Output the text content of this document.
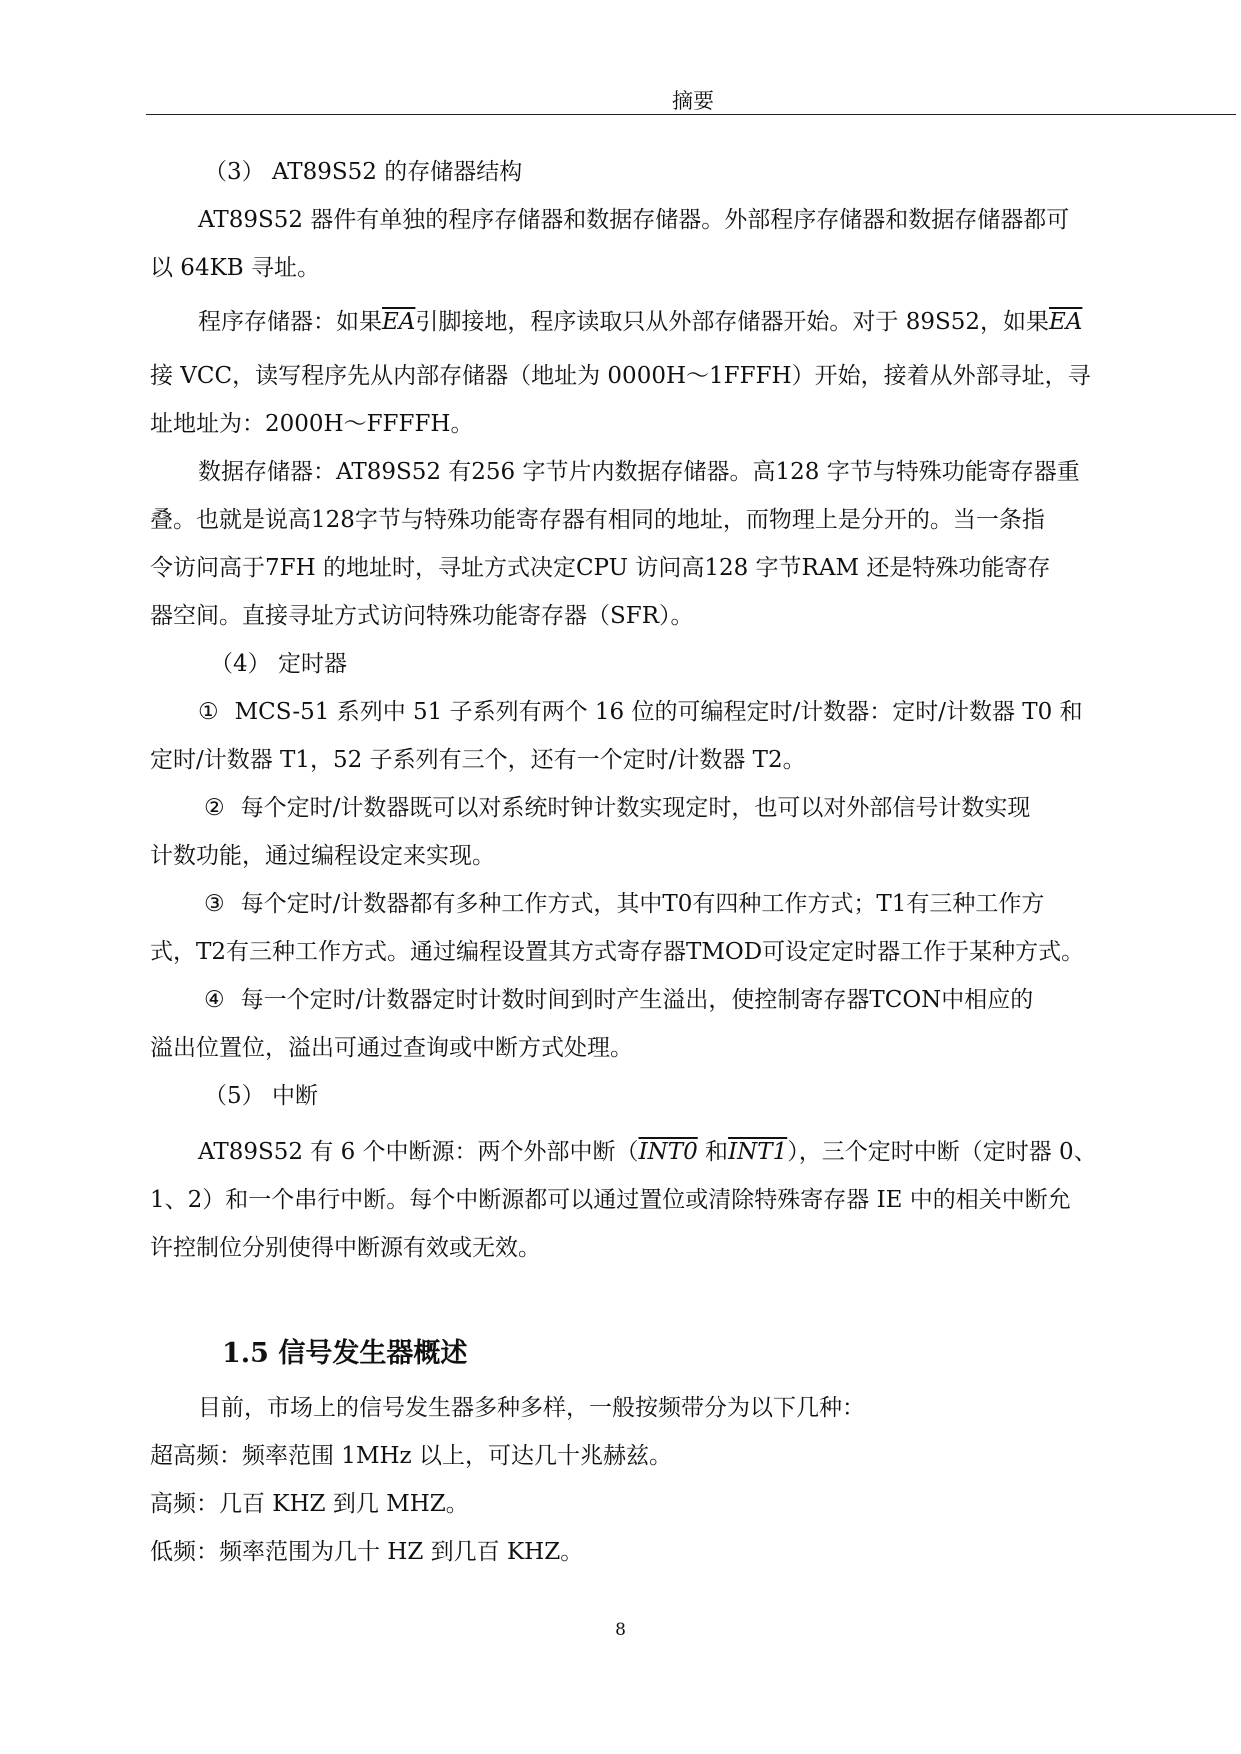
摘要
（3） AT89S52 的存储器结构
AT89S52 器件有单独的程序存储器和数据存储器。外部程序存储器和数据存储器都可
以 64KB 寻址。
程序存储器：如果$\overline{EA}$引脚接地，程序读取只从外部存储器开始。对于 89S52，如果$\overline{EA}$
接 VCC，读写程序先从内部存储器（地址为 0000H～1FFFH）开始，接着从外部寻址，寻
址地址为：2000H～FFFFH。
数据存储器：AT89S52 有256 字节片内数据存储器。高128 字节与特殊功能寄存器重
叠。也就是说高128字节与特殊功能寄存器有相同的地址，而物理上是分开的。当一条指
令访问高于7FH 的地址时，寻址方式决定CPU 访问高128 字节RAM 还是特殊功能寄存
器空间。直接寻址方式访问特殊功能寄存器（SFR）。
（4） 定时器
① MCS-51 系列中 51 子系列有两个 16 位的可编程定时/计数器：定时/计数器 T0 和
定时/计数器 T1，52 子系列有三个，还有一个定时/计数器 T2。
② 每个定时/计数器既可以对系统时钟计数实现定时，也可以对外部信号计数实现
计数功能，通过编程设定来实现。
③ 每个定时/计数器都有多种工作方式，其中T0有四种工作方式；T1有三种工作方
式，T2有三种工作方式。通过编程设置其方式寄存器TMOD可设定定时器工作于某种方式。
④ 每一个定时/计数器定时计数时间到时产生溢出，使控制寄存器TCON中相应的
溢出位置位，溢出可通过查询或中断方式处理。
（5） 中断
AT89S52 有 6 个中断源：两个外部中断（INT0 和INT1），三个定时中断（定时器 0、
1、2）和一个串行中断。每个中断源都可以通过置位或清除特殊寄存器 IE 中的相关中断允
许控制位分别使得中断源有效或无效。
1.5 信号发生器概述
目前，市场上的信号发生器多种多样，一般按频带分为以下几种：
超高频：频率范围 1MHz 以上，可达几十兆赫兹。
高频：几百 KHZ 到几 MHZ。
低频：频率范围为几十 HZ 到几百 KHZ。
8
